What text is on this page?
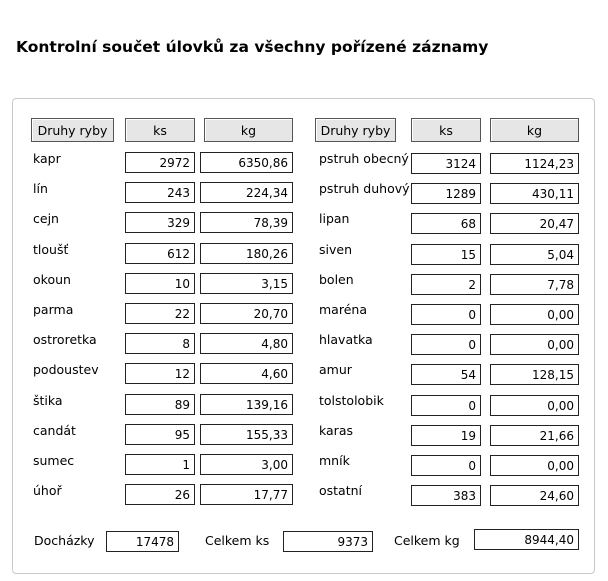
Kontrolní součet úlovků za všechny pořízené záznamy
Druhy ryby	ks	kg	Druhy ryby	ks	kg
kapr	2972	6350,86	pstruh obecný	3124	1124,23
lín	243	224,34	pstruh duhový	1289	430,11
cejn	329	78,39	lipan	68	20,47
tloušť	612	180,26	siven	15	5,04
okoun	10	3,15	bolen	2	7,78
parma	22	20,70	maréna	0	0,00
ostroretka	8	4,80	hlavatka	0	0,00
podoustev	12	4,60	amur	54	128,15
štika	89	139,16	tolstolobik	0	0,00
candát	95	155,33	karas	19	21,66
sumec	1	3,00	mník	0	0,00
úhoř	26	17,77	ostatní	383	24,60
Docházky	17478	Celkem ks	9373	Celkem kg	8944,40
